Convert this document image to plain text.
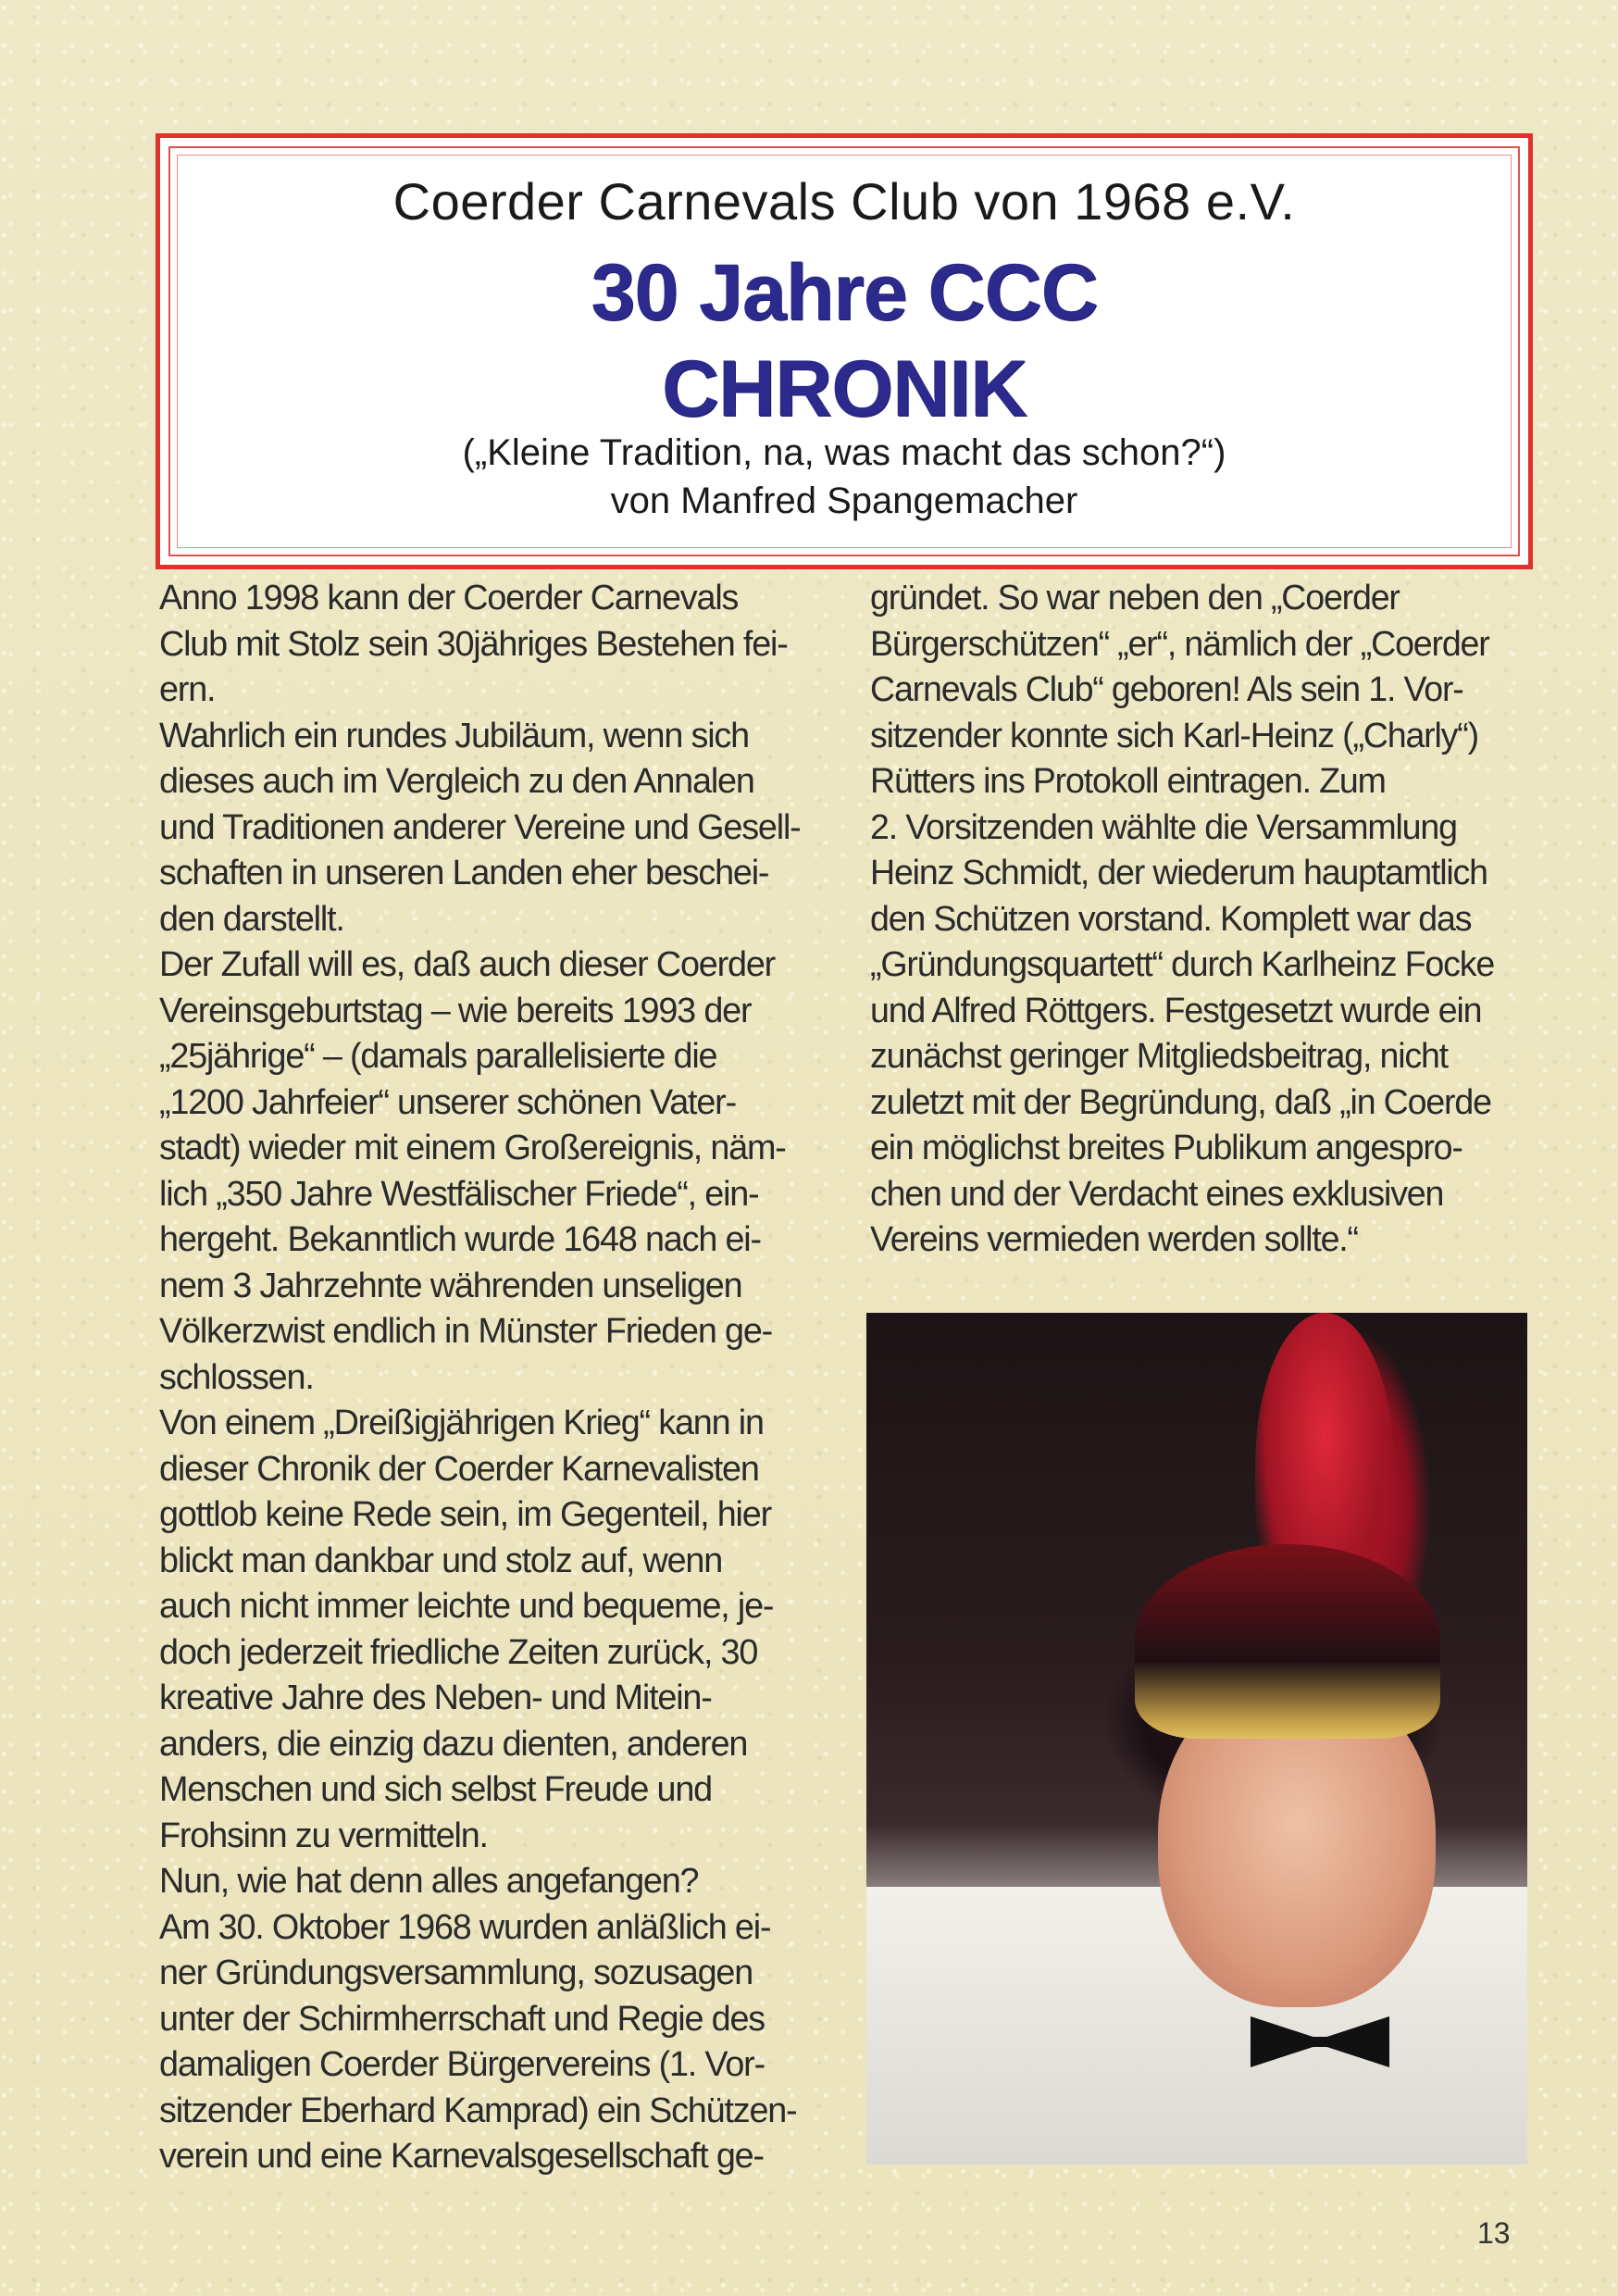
Coerder Carnevals Club von 1968 e.V.
30 Jahre CCC
CHRONIK
(„Kleine Tradition, na, was macht das schon?“)
von Manfred Spangemacher
Anno 1998 kann der Coerder Carnevals
Club mit Stolz sein 30jähriges Bestehen fei-
ern.
Wahrlich ein rundes Jubiläum, wenn sich
dieses auch im Vergleich zu den Annalen
und Traditionen anderer Vereine und Gesell-
schaften in unseren Landen eher beschei-
den darstellt.
Der Zufall will es, daß auch dieser Coerder
Vereinsgeburtstag – wie bereits 1993 der
„25jährige“ – (damals parallelisierte die
„1200 Jahrfeier“ unserer schönen Vater-
stadt) wieder mit einem Großereignis, näm-
lich „350 Jahre Westfälischer Friede“, ein-
hergeht. Bekanntlich wurde 1648 nach ei-
nem 3 Jahrzehnte währenden unseligen
Völkerzwist endlich in Münster Frieden ge-
schlossen.
Von einem „Dreißigjährigen Krieg“ kann in
dieser Chronik der Coerder Karnevalisten
gottlob keine Rede sein, im Gegenteil, hier
blickt man dankbar und stolz auf, wenn
auch nicht immer leichte und bequeme, je-
doch jederzeit friedliche Zeiten zurück, 30
kreative Jahre des Neben- und Mitein-
anders, die einzig dazu dienten, anderen
Menschen und sich selbst Freude und
Frohsinn zu vermitteln.
Nun, wie hat denn alles angefangen?
Am 30. Oktober 1968 wurden anläßlich ei-
ner Gründungsversammlung, sozusagen
unter der Schirmherrschaft und Regie des
damaligen Coerder Bürgervereins (1. Vor-
sitzender Eberhard Kamprad) ein Schützen-
verein und eine Karnevalsgesellschaft ge-
gründet. So war neben den „Coerder
Bürgerschützen“ „er“, nämlich der „Coerder
Carnevals Club“ geboren! Als sein 1. Vor-
sitzender konnte sich Karl-Heinz („Charly“)
Rütters ins Protokoll eintragen. Zum
2. Vorsitzenden wählte die Versammlung
Heinz Schmidt, der wiederum hauptamtlich
den Schützen vorstand. Komplett war das
„Gründungsquartett“ durch Karlheinz Focke
und Alfred Röttgers. Festgesetzt wurde ein
zunächst geringer Mitgliedsbeitrag, nicht
zuletzt mit der Begründung, daß „in Coerde
ein möglichst breites Publikum angespro-
chen und der Verdacht eines exklusiven
Vereins vermieden werden sollte.“
13
